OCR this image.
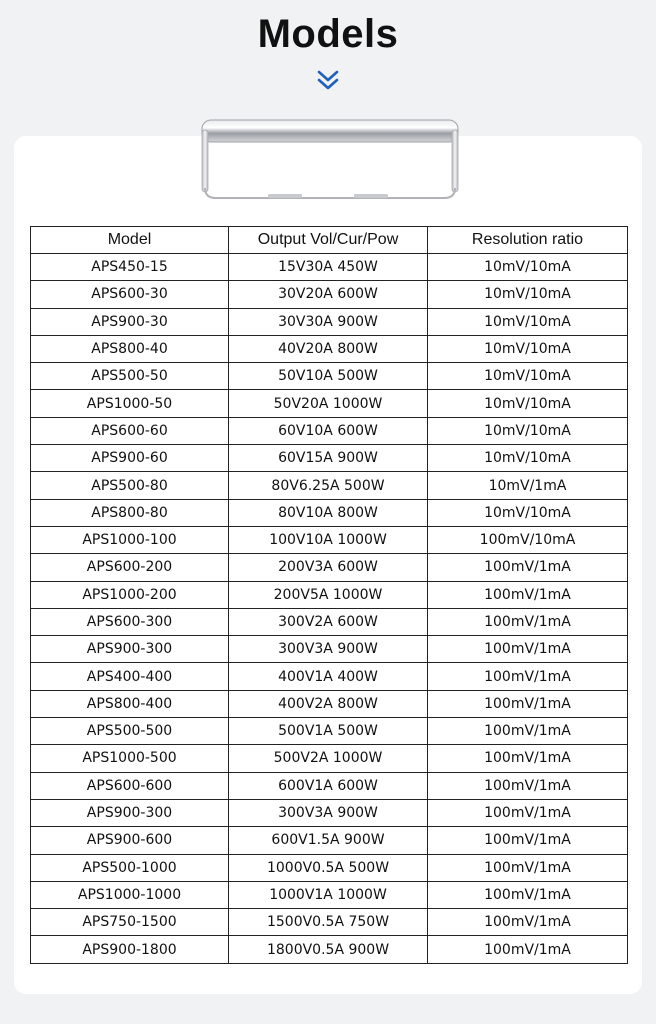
Models
Model	Output Vol/Cur/Pow	Resolution ratio
APS450-15	15V30A 450W	10mV/10mA
APS600-30	30V20A 600W	10mV/10mA
APS900-30	30V30A 900W	10mV/10mA
APS800-40	40V20A 800W	10mV/10mA
APS500-50	50V10A 500W	10mV/10mA
APS1000-50	50V20A 1000W	10mV/10mA
APS600-60	60V10A 600W	10mV/10mA
APS900-60	60V15A 900W	10mV/10mA
APS500-80	80V6.25A 500W	10mV/1mA
APS800-80	80V10A 800W	10mV/10mA
APS1000-100	100V10A 1000W	100mV/10mA
APS600-200	200V3A 600W	100mV/1mA
APS1000-200	200V5A 1000W	100mV/1mA
APS600-300	300V2A 600W	100mV/1mA
APS900-300	300V3A 900W	100mV/1mA
APS400-400	400V1A 400W	100mV/1mA
APS800-400	400V2A 800W	100mV/1mA
APS500-500	500V1A 500W	100mV/1mA
APS1000-500	500V2A 1000W	100mV/1mA
APS600-600	600V1A 600W	100mV/1mA
APS900-300	300V3A 900W	100mV/1mA
APS900-600	600V1.5A 900W	100mV/1mA
APS500-1000	1000V0.5A 500W	100mV/1mA
APS1000-1000	1000V1A 1000W	100mV/1mA
APS750-1500	1500V0.5A 750W	100mV/1mA
APS900-1800	1800V0.5A 900W	100mV/1mA
